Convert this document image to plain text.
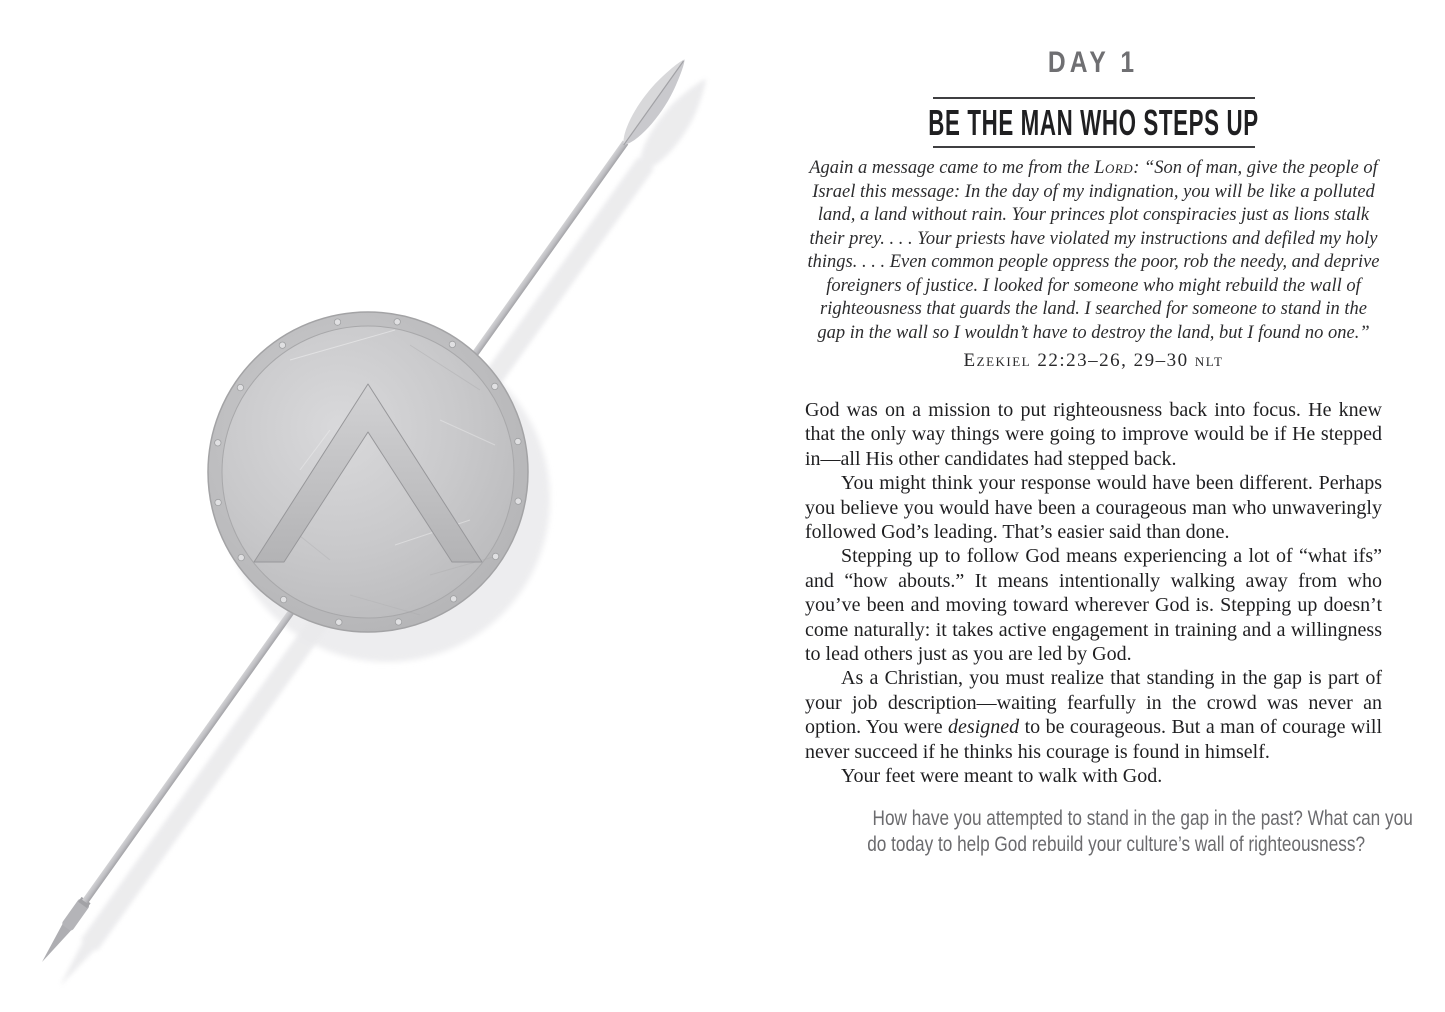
DAY 1
BE THE MAN WHO STEPS UP
Again a message came to me from the Lord: “Son of man, give the people of Israel this message: In the day of my indignation, you will be like a polluted land, a land without rain. Your princes plot conspiracies just as lions stalk their prey. . . . Your priests have violated my instructions and defiled my holy things. . . . Even common people oppress the poor, rob the needy, and deprive foreigners of justice. I looked for someone who might rebuild the wall of righteousness that guards the land. I searched for someone to stand in the gap in the wall so I wouldn’t have to destroy the land, but I found no one.”
Ezekiel 22:23–26, 29–30 nlt

God was on a mission to put righteousness back into focus. He knew that the only way things were going to improve would be if He stepped in—all His other candidates had stepped back.

You might think your response would have been different. Perhaps you believe you would have been a courageous man who unwaveringly followed God’s leading. That’s easier said than done.

Stepping up to follow God means experiencing a lot of “what ifs” and “how abouts.” It means intentionally walking away from who you’ve been and moving toward wherever God is. Stepping up doesn’t come naturally: it takes active engagement in training and a willingness to lead others just as you are led by God.

As a Christian, you must realize that standing in the gap is part of your job description—waiting fearfully in the crowd was never an option. You were designed to be courageous. But a man of courage will never succeed if he thinks his courage is found in himself.

Your feet were meant to walk with God.

How have you attempted to stand in the gap in the past? What can you
do today to help God rebuild your culture’s wall of righteousness?
